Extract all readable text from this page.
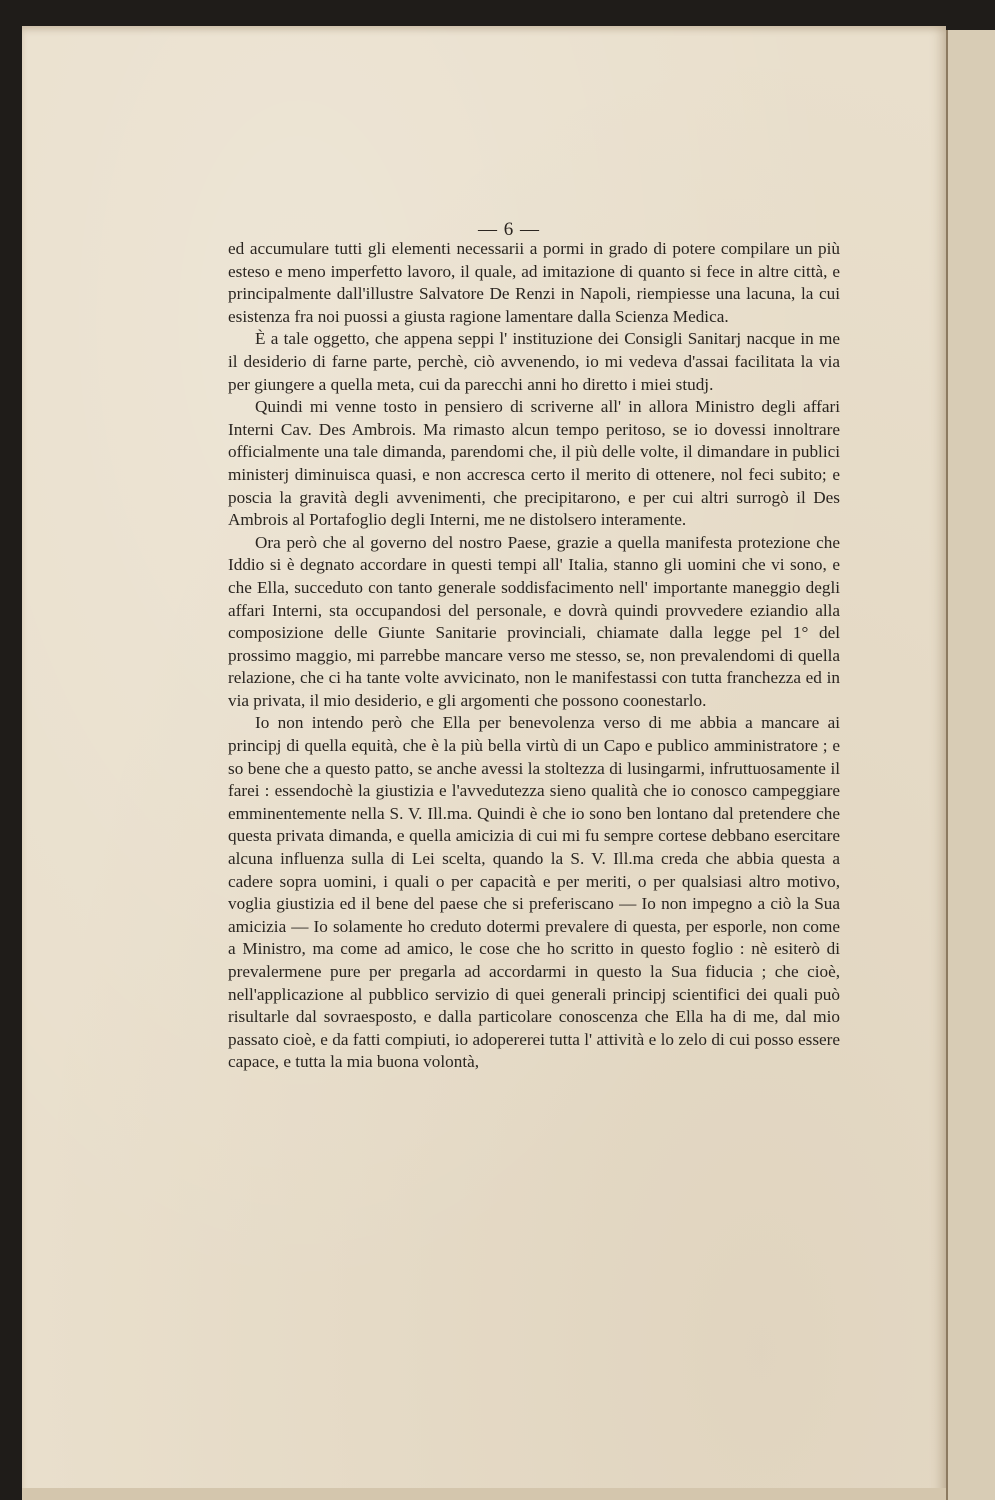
— 6 —

ed accumulare tutti gli elementi necessarii a pormi in grado di potere compilare un più esteso e meno imperfetto lavoro, il quale, ad imitazione di quanto si fece in altre città, e principalmente dall'illustre Salvatore De Renzi in Napoli, riempiesse una lacuna, la cui esistenza fra noi puossi a giusta ragione lamentare dalla Scienza Medica.

È a tale oggetto, che appena seppi l' instituzione dei Consigli Sanitarj nacque in me il desiderio di farne parte, perchè, ciò avvenendo, io mi vedeva d'assai facilitata la via per giungere a quella meta, cui da parecchi anni ho diretto i miei studj.

Quindi mi venne tosto in pensiero di scriverne all' in allora Ministro degli affari Interni Cav. Des Ambrois. Ma rimasto alcun tempo peritoso, se io dovessi innoltrare officialmente una tale dimanda, parendomi che, il più delle volte, il dimandare in publici ministerj diminuisca quasi, e non accresca certo il merito di ottenere, nol feci subito; e poscia la gravità degli avvenimenti, che precipitarono, e per cui altri surrogò il Des Ambrois al Portafoglio degli Interni, me ne distolsero interamente.

Ora però che al governo del nostro Paese, grazie a quella manifesta protezione che Iddio si è degnato accordare in questi tempi all' Italia, stanno gli uomini che vi sono, e che Ella, succeduto con tanto generale soddisfacimento nell' importante maneggio degli affari Interni, sta occupandosi del personale, e dovrà quindi provvedere eziandio alla composizione delle Giunte Sanitarie provinciali, chiamate dalla legge pel 1° del prossimo maggio, mi parrebbe mancare verso me stesso, se, non prevalendomi di quella relazione, che ci ha tante volte avvicinato, non le manifestassi con tutta franchezza ed in via privata, il mio desiderio, e gli argomenti che possono coonestarlo.

Io non intendo però che Ella per benevolenza verso di me abbia a mancare ai principj di quella equità, che è la più bella virtù di un Capo e publico amministratore ; e so bene che a questo patto, se anche avessi la stoltezza di lusingarmi, infruttuosamente il farei : essendochè la giustizia e l'avvedutezza sieno qualità che io conosco campeggiare emminentemente nella S. V. Ill.ma. Quindi è che io sono ben lontano dal pretendere che questa privata dimanda, e quella amicizia di cui mi fu sempre cortese debbano esercitare alcuna influenza sulla di Lei scelta, quando la S. V. Ill.ma creda che abbia questa a cadere sopra uomini, i quali o per capacità e per meriti, o per qualsiasi altro motivo, voglia giustizia ed il bene del paese che si preferiscano — Io non impegno a ciò la Sua amicizia — Io solamente ho creduto dotermi prevalere di questa, per esporle, non come a Ministro, ma come ad amico, le cose che ho scritto in questo foglio : nè esiterò di prevalermene pure per pregarla ad accordarmi in questo la Sua fiducia ; che cioè, nell'applicazione al pubblico servizio di quei generali principj scientifici dei quali può risultarle dal sovraesposto, e dalla particolare conoscenza che Ella ha di me, dal mio passato cioè, e da fatti compiuti, io adopererei tutta l' attività e lo zelo di cui posso essere capace, e tutta la mia buona volontà,
